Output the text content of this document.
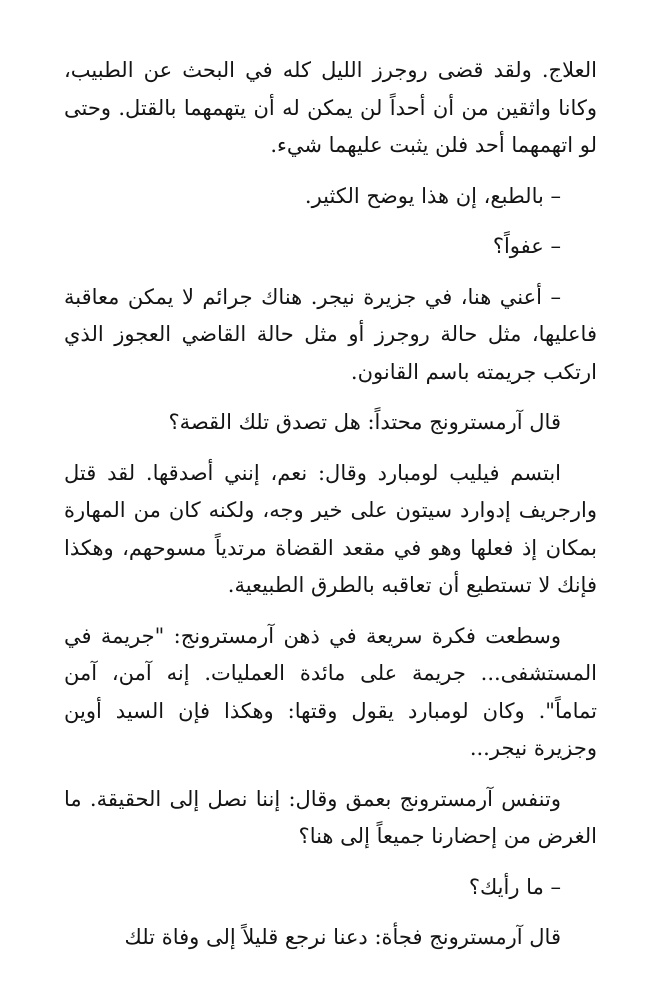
العلاج. ولقد قضى روجرز الليل كله في البحث عن الطبيب، وكانا واثقين من أن أحداً لن يمكن له أن يتهمهما بالقتل. وحتى لو اتهمهما أحد فلن يثبت عليهما شيء.

– بالطبع، إن هذا يوضح الكثير.

– عفواً؟

– أعني هنا، في جزيرة نيجر. هناك جرائم لا يمكن معاقبة فاعليها، مثل حالة روجرز أو مثل حالة القاضي العجوز الذي ارتكب جريمته باسم القانون.

قال آرمسترونج محتداً: هل تصدق تلك القصة؟

ابتسم فيليب لومبارد وقال: نعم، إنني أصدقها. لقد قتل وارجريف إدوارد سيتون على خير وجه، ولكنه كان من المهارة بمكان إذ فعلها وهو في مقعد القضاة مرتدياً مسوحهم، وهكذا فإنك لا تستطيع أن تعاقبه بالطرق الطبيعية.

وسطعت فكرة سريعة في ذهن آرمسترونج: "جريمة في المستشفى... جريمة على مائدة العمليات. إنه آمن، آمن تماماً". وكان لومبارد يقول وقتها: وهكذا فإن السيد أوين وجزيرة نيجر...

وتنفس آرمسترونج بعمق وقال: إننا نصل إلى الحقيقة. ما الغرض من إحضارنا جميعاً إلى هنا؟

– ما رأيك؟

قال آرمسترونج فجأة: دعنا نرجع قليلاً إلى وفاة تلك
